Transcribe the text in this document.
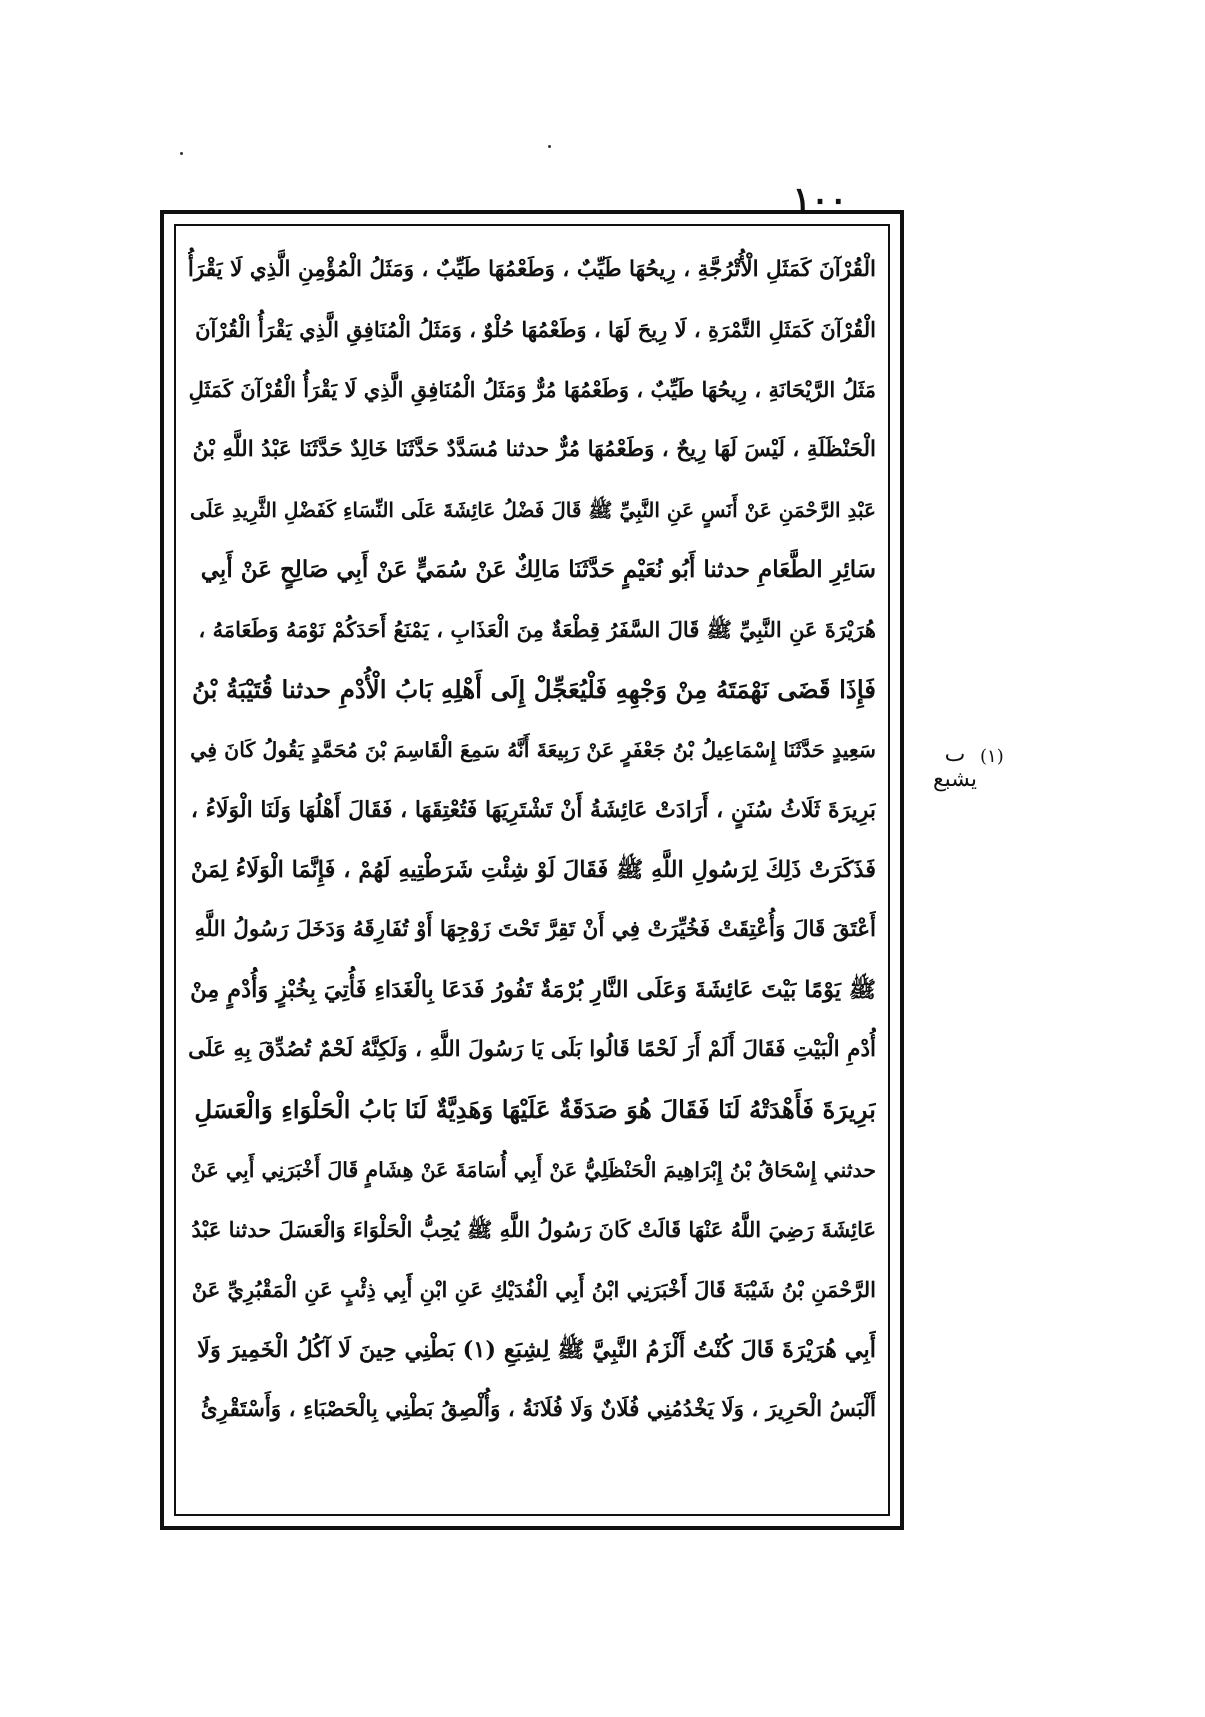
١٠٠
الْقُرْآنَ كَمَثَلِ الْأُتْرُجَّةِ ، رِيحُهَا طَيِّبٌ ، وَطَعْمُهَا طَيِّبٌ ، وَمَثَلُ الْمُؤْمِنِ الَّذِي لَا يَقْرَأُ
الْقُرْآنَ كَمَثَلِ التَّمْرَةِ ، لَا رِيحَ لَهَا ، وَطَعْمُهَا حُلْوٌ ، وَمَثَلُ الْمُنَافِقِ الَّذِي يَقْرَأُ الْقُرْآنَ
مَثَلُ الرَّيْحَانَةِ ، رِيحُهَا طَيِّبٌ ، وَطَعْمُهَا مُرٌّ وَمَثَلُ الْمُنَافِقِ الَّذِي لَا يَقْرَأُ الْقُرْآنَ كَمَثَلِ
الْحَنْظَلَةِ ، لَيْسَ لَهَا رِيحٌ ، وَطَعْمُهَا مُرٌّ حدثنا مُسَدَّدٌ حَدَّثَنَا خَالِدٌ حَدَّثَنَا عَبْدُ اللَّهِ بْنُ
عَبْدِ الرَّحْمَنِ عَنْ أَنَسٍ عَنِ النَّبِيِّ ﷺ قَالَ فَضْلُ عَائِشَةَ عَلَى النِّسَاءِ كَفَضْلِ الثَّرِيدِ عَلَى
سَائِرِ الطَّعَامِ حدثنا أَبُو نُعَيْمٍ حَدَّثَنَا مَالِكٌ عَنْ سُمَيٍّ عَنْ أَبِي صَالِحٍ عَنْ أَبِي
هُرَيْرَةَ عَنِ النَّبِيِّ ﷺ قَالَ السَّفَرُ قِطْعَةٌ مِنَ الْعَذَابِ ، يَمْنَعُ أَحَدَكُمْ نَوْمَهُ وَطَعَامَهُ ،
فَإِذَا قَضَى نَهْمَتَهُ مِنْ وَجْهِهِ فَلْيُعَجِّلْ إِلَى أَهْلِهِ بَابُ الْأُدْمِ حدثنا قُتَيْبَةُ بْنُ
سَعِيدٍ حَدَّثَنَا إِسْمَاعِيلُ بْنُ جَعْفَرٍ عَنْ رَبِيعَةَ أَنَّهُ سَمِعَ الْقَاسِمَ بْنَ مُحَمَّدٍ يَقُولُ كَانَ فِي
بَرِيرَةَ ثَلَاثُ سُنَنٍ ، أَرَادَتْ عَائِشَةُ أَنْ تَشْتَرِيَهَا فَتُعْتِقَهَا ، فَقَالَ أَهْلُهَا وَلَنَا الْوَلَاءُ ،
فَذَكَرَتْ ذَلِكَ لِرَسُولِ اللَّهِ ﷺ فَقَالَ لَوْ شِئْتِ شَرَطْتِيهِ لَهُمْ ، فَإِنَّمَا الْوَلَاءُ لِمَنْ
أَعْتَقَ قَالَ وَأُعْتِقَتْ فَخُيِّرَتْ فِي أَنْ تَقِرَّ تَحْتَ زَوْجِهَا أَوْ تُفَارِقَهُ وَدَخَلَ رَسُولُ اللَّهِ
ﷺ يَوْمًا بَيْتَ عَائِشَةَ وَعَلَى النَّارِ بُرْمَةٌ تَفُورُ فَدَعَا بِالْغَدَاءِ فَأُتِيَ بِخُبْزٍ وَأُدْمٍ مِنْ
أُدْمِ الْبَيْتِ فَقَالَ أَلَمْ أَرَ لَحْمًا قَالُوا بَلَى يَا رَسُولَ اللَّهِ ، وَلَكِنَّهُ لَحْمٌ تُصُدِّقَ بِهِ عَلَى
بَرِيرَةَ فَأَهْدَتْهُ لَنَا فَقَالَ هُوَ صَدَقَةٌ عَلَيْهَا وَهَدِيَّةٌ لَنَا بَابُ الْحَلْوَاءِ وَالْعَسَلِ
حدثني إِسْحَاقُ بْنُ إِبْرَاهِيمَ الْحَنْظَلِيُّ عَنْ أَبِي أُسَامَةَ عَنْ هِشَامٍ قَالَ أَخْبَرَنِي أَبِي عَنْ
عَائِشَةَ رَضِيَ اللَّهُ عَنْهَا قَالَتْ كَانَ رَسُولُ اللَّهِ ﷺ يُحِبُّ الْحَلْوَاءَ وَالْعَسَلَ حدثنا عَبْدُ
الرَّحْمَنِ بْنُ شَيْبَةَ قَالَ أَخْبَرَنِي ابْنُ أَبِي الْفُدَيْكِ عَنِ ابْنِ أَبِي ذِئْبٍ عَنِ الْمَقْبُرِيِّ عَنْ
أَبِي هُرَيْرَةَ قَالَ كُنْتُ أَلْزَمُ النَّبِيَّ ﷺ لِشِبَعِ (١) بَطْنِي حِينَ لَا آكُلُ الْخَمِيرَ وَلَا
أَلْبَسُ الْحَرِيرَ ، وَلَا يَخْدُمُنِي فُلَانٌ وَلَا فُلَانَةُ ، وَأُلْصِقُ بَطْنِي بِالْحَصْبَاءِ ، وَأَسْتَقْرِئُ
ٮ
يشبع
(١)
